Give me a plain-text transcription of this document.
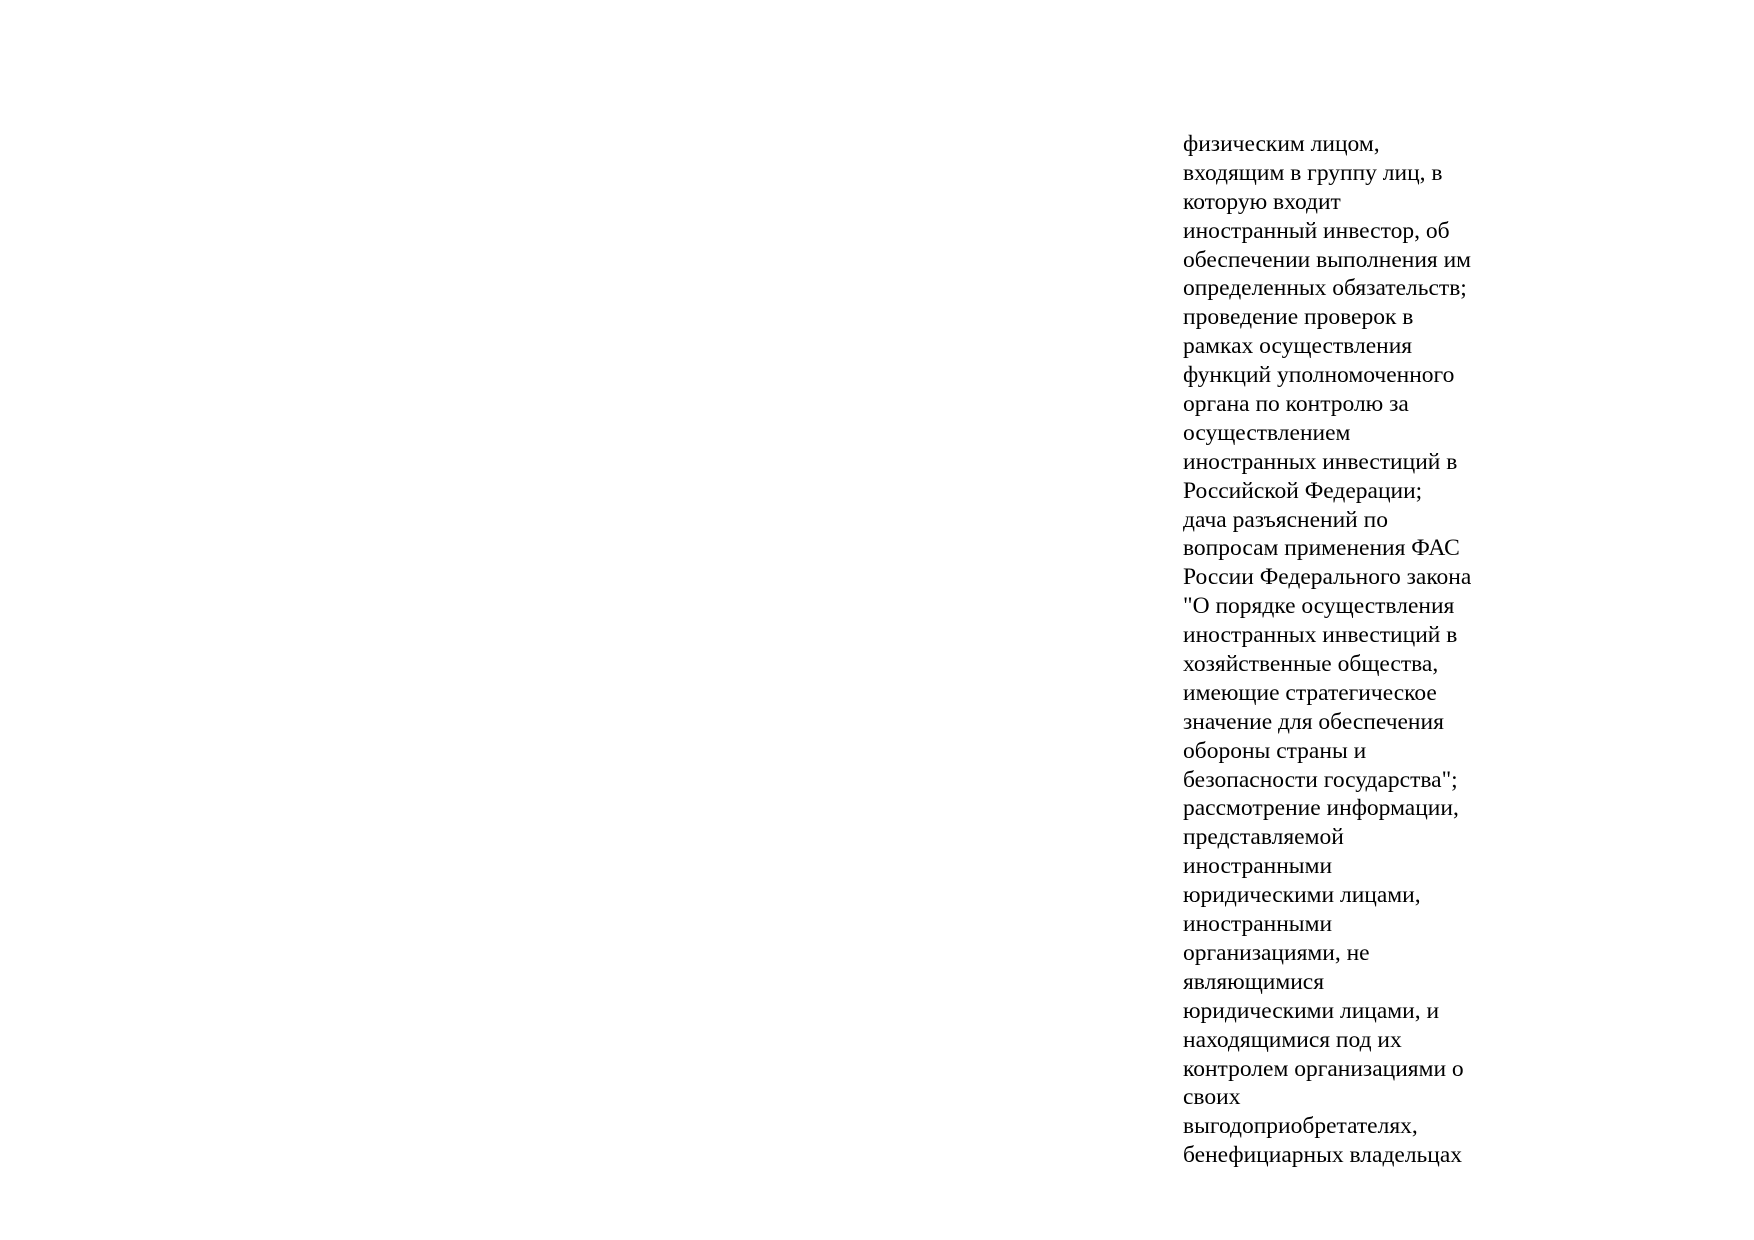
физическим лицом,
входящим в группу лиц, в
которую входит
иностранный инвестор, об
обеспечении выполнения им
определенных обязательств;
проведение проверок в
рамках осуществления
функций уполномоченного
органа по контролю за
осуществлением
иностранных инвестиций в
Российской Федерации;
дача разъяснений по
вопросам применения ФАС
России Федерального закона
"О порядке осуществления
иностранных инвестиций в
хозяйственные общества,
имеющие стратегическое
значение для обеспечения
обороны страны и
безопасности государства";
рассмотрение информации,
представляемой
иностранными
юридическими лицами,
иностранными
организациями, не
являющимися
юридическими лицами, и
находящимися под их
контролем организациями о
своих
выгодоприобретателях,
бенефициарных владельцах
